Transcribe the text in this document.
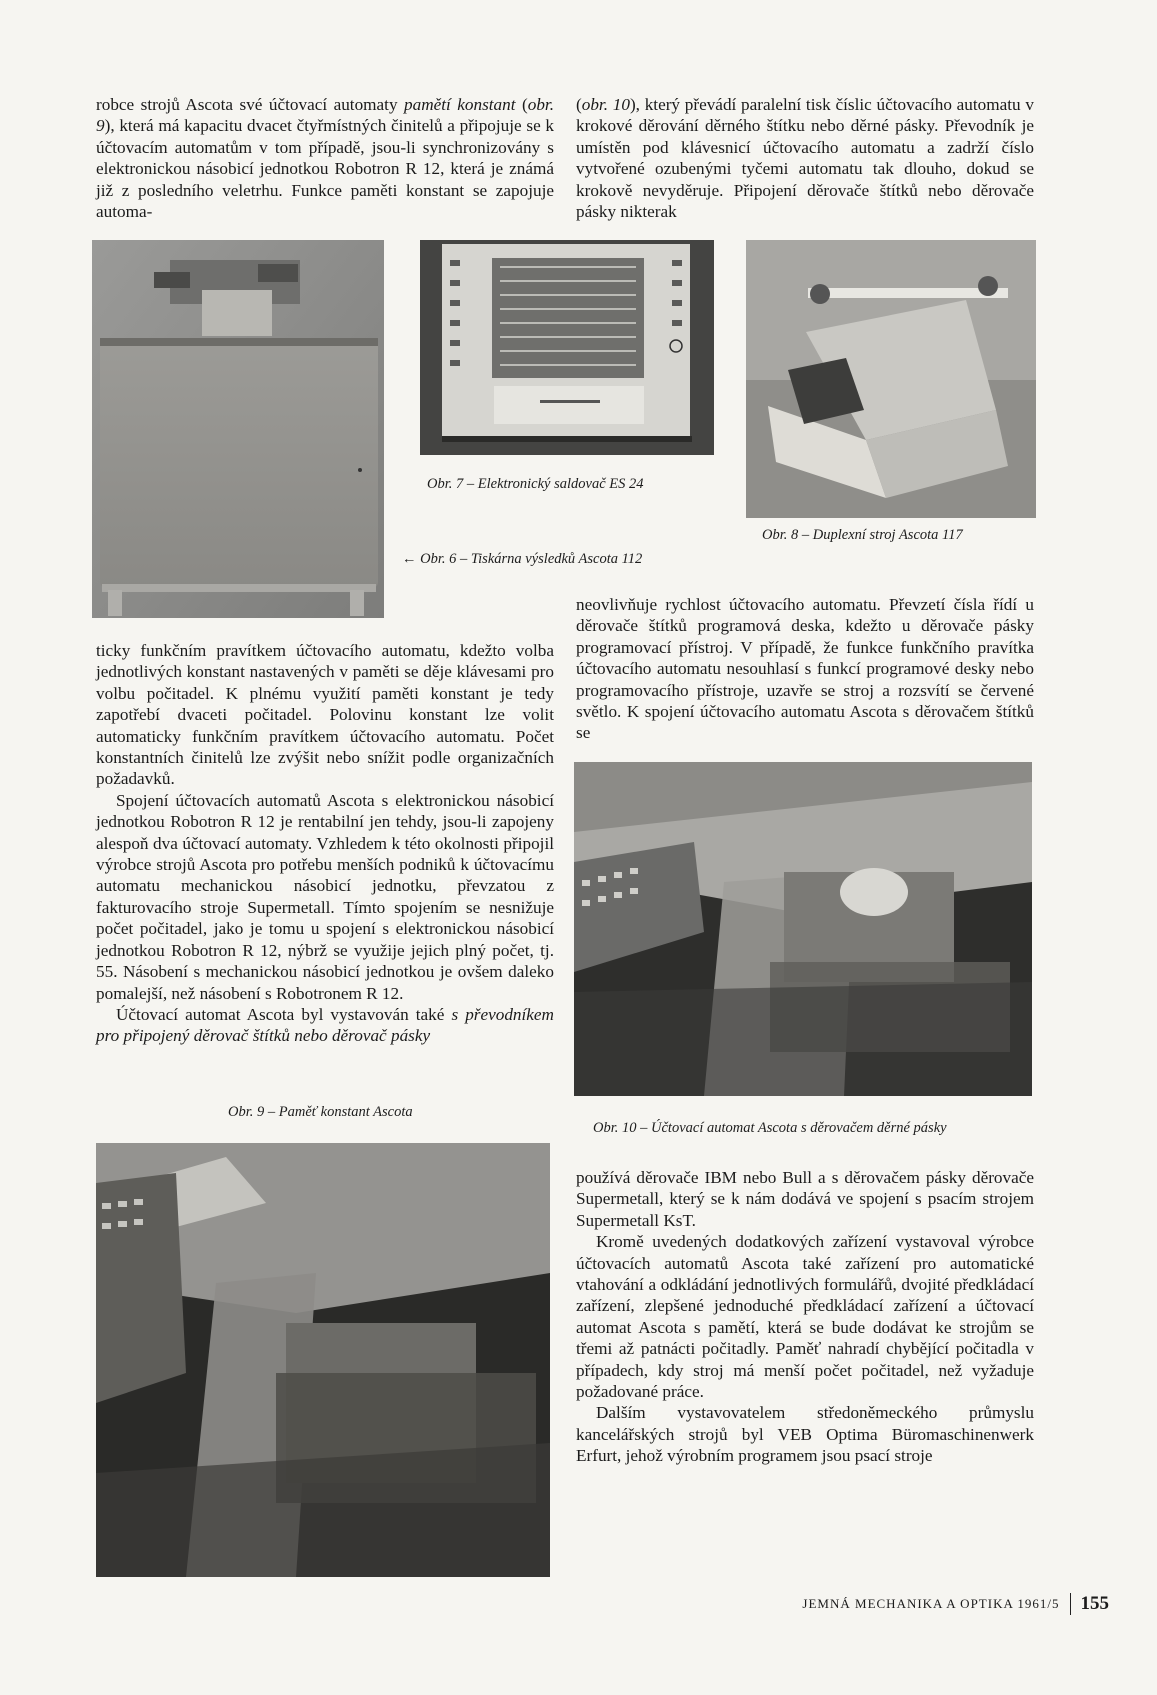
robce strojů Ascota své účtovací automaty pamětí konstant (obr. 9), která má kapacitu dvacet čtyřmístných činitelů a připojuje se k účtovacím automatům v tom případě, jsou-li synchronizovány s elektronickou násobicí jednotkou Robotron R 12, která je známá již z posledního veletrhu. Funkce paměti konstant se zapojuje automa-

(obr. 10), který převádí paralelní tisk číslic účtovacího automatu v krokové děrování děrného štítku nebo děrné pásky. Převodník je umístěn pod klávesnicí účtovacího automatu a zadrží číslo vytvořené ozubenými tyčemi automatu tak dlouho, dokud se krokově nevyděruje. Připojení děrovače štítků nebo děrovače pásky nikterak

Obr. 7 – Elektronický saldovač ES 24
Obr. 8 – Duplexní stroj Ascota 117
← Obr. 6 – Tiskárna výsledků Ascota 112

ticky funkčním pravítkem účtovacího automatu, kdežto volba jednotlivých konstant nastavených v paměti se děje klávesami pro volbu počitadel. K plnému využití paměti konstant je tedy zapotřebí dvaceti počitadel. Polovinu konstant lze volit automaticky funkčním pravítkem účtovacího automatu. Počet konstantních činitelů lze zvýšit nebo snížit podle organizačních požadavků.

Spojení účtovacích automatů Ascota s elektronickou násobicí jednotkou Robotron R 12 je rentabilní jen tehdy, jsou-li zapojeny alespoň dva účtovací automaty. Vzhledem k této okolnosti připojil výrobce strojů Ascota pro potřebu menších podniků k účtovacímu automatu mechanickou násobicí jednotku, převzatou z fakturovacího stroje Supermetall. Tímto spojením se nesnižuje počet počitadel, jako je tomu u spojení s elektronickou násobicí jednotkou Robotron R 12, nýbrž se využije jejich plný počet, tj. 55. Násobení s mechanickou násobicí jednotkou je ovšem daleko pomalejší, než násobení s Robotronem R 12.

Účtovací automat Ascota byl vystavován také s převodníkem pro připojený děrovač štítků nebo děrovač pásky

neovlivňuje rychlost účtovacího automatu. Převzetí čísla řídí u děrovače štítků programová deska, kdežto u děrovače pásky programovací přístroj. V případě, že funkce funkčního pravítka účtovacího automatu nesouhlasí s funkcí programové desky nebo programovacího přístroje, uzavře se stroj a rozsvítí se červené světlo. K spojení účtovacího automatu Ascota s děrovačem štítků se

Obr. 10 – Účtovací automat Ascota s děrovačem děrné pásky
Obr. 9 – Paměť konstant Ascota

používá děrovače IBM nebo Bull a s děrovačem pásky děrovače Supermetall, který se k nám dodává ve spojení s psacím strojem Supermetall KsT.

Kromě uvedených dodatkových zařízení vystavoval výrobce účtovacích automatů Ascota také zařízení pro automatické vtahování a odkládání jednotlivých formulářů, dvojité předkládací zařízení, zlepšené jednoduché předkládací zařízení a účtovací automat Ascota s pamětí, která se bude dodávat ke strojům se třemi až patnácti počitadly. Paměť nahradí chybějící počitadla v případech, kdy stroj má menší počet počitadel, než vyžaduje požadované práce.

Dalším vystavovatelem středoněmeckého průmyslu kancelářských strojů byl VEB Optima Büromaschinenwerk Erfurt, jehož výrobním programem jsou psací stroje

JEMNÁ MECHANIKA A OPTIKA 1961/5 155
